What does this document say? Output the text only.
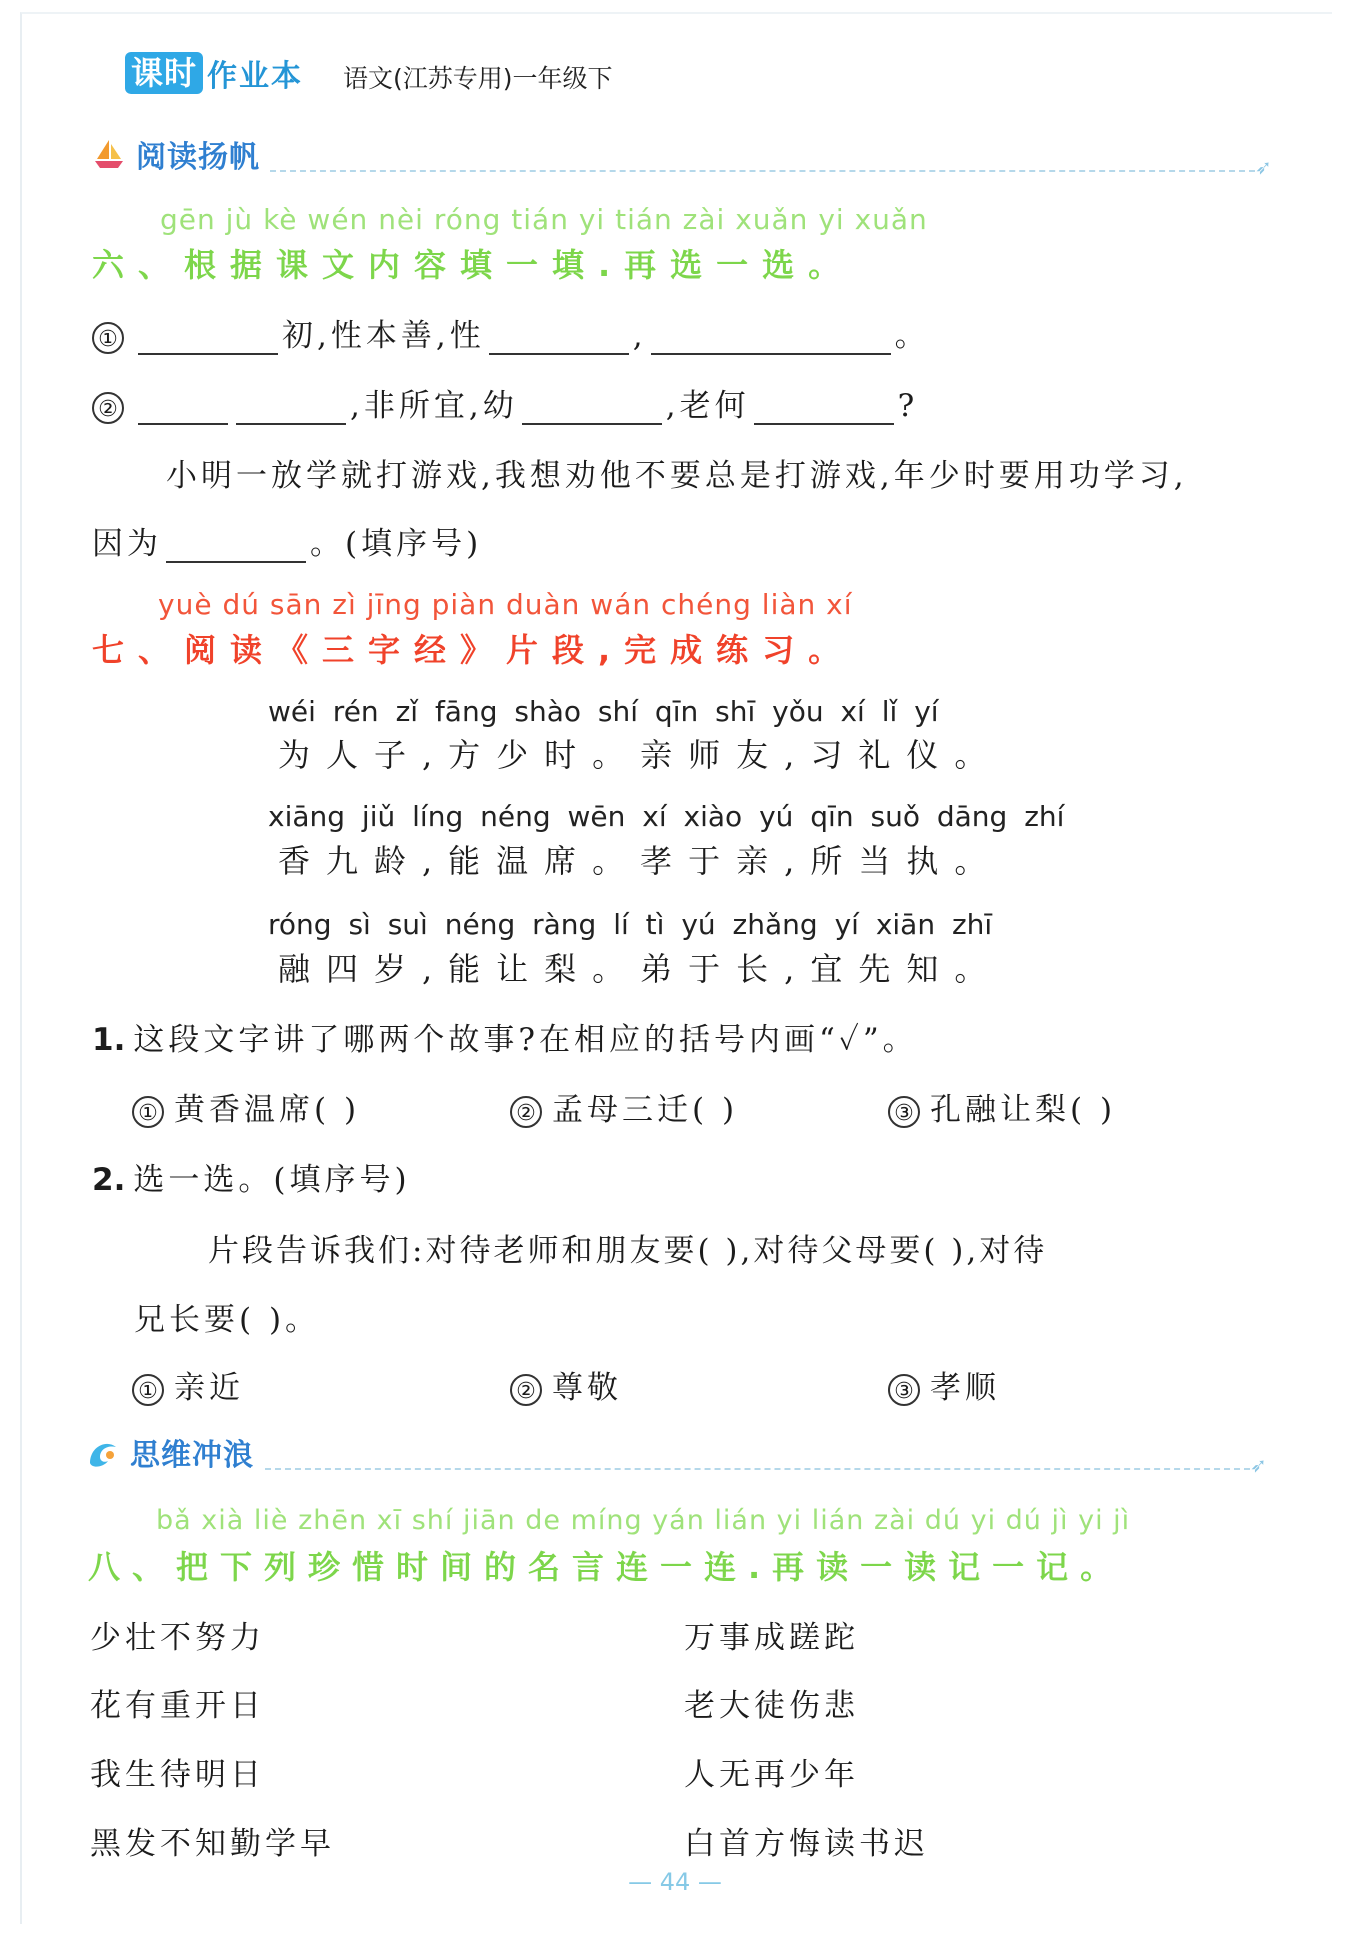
课时 作业本 语文(江苏专用)一年级下
阅读扬帆	➶
gēn jù kè wén nèi róng tián yi tián zài xuǎn yi xuǎn
六、根据课文内容填一填.再选一选。
①	初,性本善,性	,	。
②	,非所宜,幼	,老何	?
小明一放学就打游戏,我想劝他不要总是打游戏,年少时要用功学习,
因为	。(填序号)
yuè dú sān zì jīng piàn duàn wán chéng liàn xí
七、阅读《三字经》片段,完成练习。
wéi rén zǐ fāng shào shí qīn shī yǒu xí lǐ yí
为人子,方少时。亲师友,习礼仪。
xiāng jiǔ líng néng wēn xí xiào yú qīn suǒ dāng zhí
香九龄,能温席。孝于亲,所当执。
róng sì suì néng ràng lí tì yú zhǎng yí xiān zhī
融四岁,能让梨。弟于长,宜先知。
1. 这段文字讲了哪两个故事?在相应的括号内画“✓”。
① 黄香温席( )	② 孟母三迁( )	③ 孔融让梨( )
2. 选一选。(填序号)
片段告诉我们:对待老师和朋友要( ),对待父母要( ),对待
兄长要( )。
① 亲近	② 尊敬	③ 孝顺
思维冲浪	➶
bǎ xià liè zhēn xī shí jiān de míng yán lián yi lián zài dú yi dú jì yi jì
八、把下列珍惜时间的名言连一连.再读一读记一记。
少壮不努力
花有重开日
我生待明日
黑发不知勤学早
万事成蹉跎
老大徒伤悲
人无再少年
白首方悔读书迟
— 44 —
